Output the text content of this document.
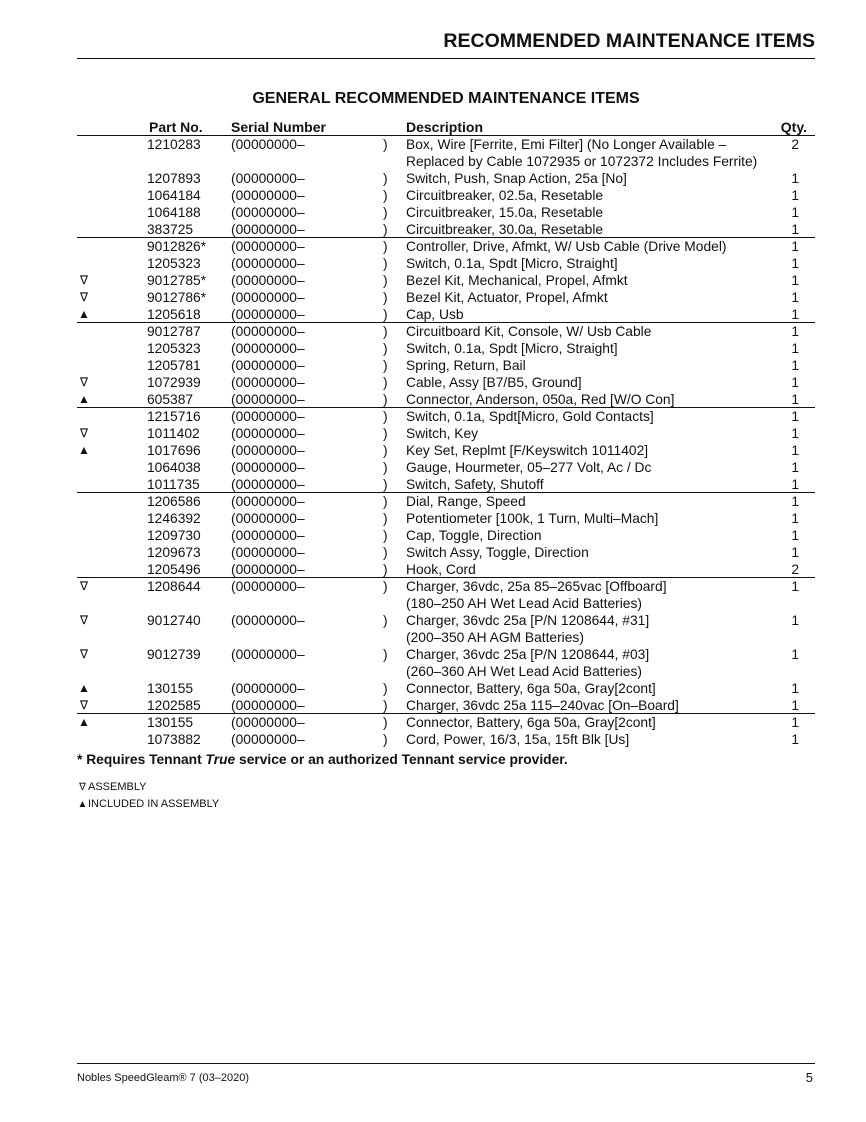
RECOMMENDED MAINTENANCE ITEMS
GENERAL RECOMMENDED MAINTENANCE ITEMS
Part No. Serial Number	Description	Qty.
1210283 (00000000–	) Box, Wire [Ferrite, Emi Filter] (No Longer Available –	2
Replaced by Cable 1072935 or 1072372 Includes Ferrite)
1207893 (00000000–	) Switch, Push, Snap Action, 25a [No]	1
1064184 (00000000–	) Circuitbreaker, 02.5a, Resetable	1
1064188 (00000000–	) Circuitbreaker, 15.0a, Resetable	1
383725	(00000000–	) Circuitbreaker, 30.0a, Resetable	1
9012826* (00000000–	) Controller, Drive, Afmkt, W/ Usb Cable (Drive Model)	1
1205323 (00000000–	) Switch, 0.1a, Spdt [Micro, Straight]	1
∇	9012785* (00000000–	) Bezel Kit, Mechanical, Propel, Afmkt	1
∇	9012786* (00000000–	) Bezel Kit, Actuator, Propel, Afmkt	1
▲	1205618 (00000000–	) Cap, Usb	1
9012787 (00000000–	) Circuitboard Kit, Console, W/ Usb Cable	1
1205323 (00000000–	) Switch, 0.1a, Spdt [Micro, Straight]	1
1205781 (00000000–	) Spring, Return, Bail	1
∇	1072939 (00000000–	) Cable, Assy [B7/B5, Ground]	1
▲	605387	(00000000–	) Connector, Anderson, 050a, Red [W/O Con]	1
1215716 (00000000–	) Switch, 0.1a, Spdt[Micro, Gold Contacts]	1
∇	1011402 (00000000–	) Switch, Key	1
▲	1017696 (00000000–	) Key Set, Replmt [F/Keyswitch 1011402]	1
1064038 (00000000–	) Gauge, Hourmeter, 05–277 Volt, Ac / Dc	1
1011735 (00000000–	) Switch, Safety, Shutoff	1
1206586 (00000000–	) Dial, Range, Speed	1
1246392 (00000000–	) Potentiometer [100k, 1 Turn, Multi–Mach]	1
1209730 (00000000–	) Cap, Toggle, Direction	1
1209673 (00000000–	) Switch Assy, Toggle, Direction	1
1205496 (00000000–	) Hook, Cord	2
∇	1208644 (00000000–	) Charger, 36vdc, 25a 85–265vac [Offboard]	1
(180–250 AH Wet Lead Acid Batteries)
∇	9012740 (00000000–	) Charger, 36vdc 25a [P/N 1208644, #31]	1
(200–350 AH AGM Batteries)
∇	9012739 (00000000–	) Charger, 36vdc 25a [P/N 1208644, #03]	1
(260–360 AH Wet Lead Acid Batteries)
▲	130155	(00000000–	) Connector, Battery, 6ga 50a, Gray[2cont]	1
∇	1202585 (00000000–	) Charger, 36vdc 25a 115–240vac [On–Board]	1
▲	130155	(00000000–	) Connector, Battery, 6ga 50a, Gray[2cont]	1
1073882 (00000000–	) Cord, Power, 16/3, 15a, 15ft Blk [Us]	1
* Requires Tennant True service or an authorized Tennant service provider.
∇ ASSEMBLY
▲INCLUDED IN ASSEMBLY
Nobles SpeedGleam® 7 (03–2020)	5
